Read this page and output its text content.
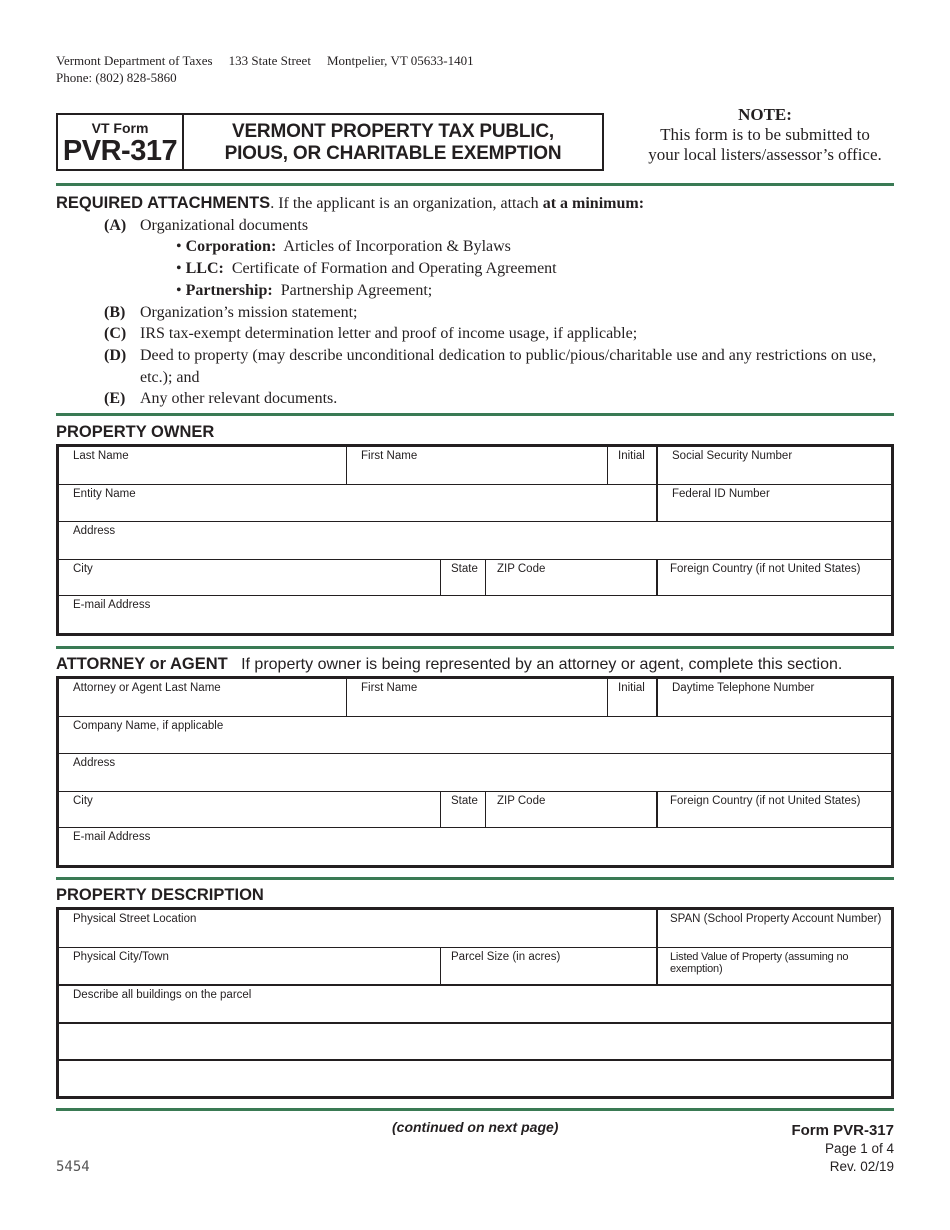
Vermont Department of Taxes 133 State Street Montpelier, VT 05633-1401
Phone: (802) 828-5860
VT Form
PVR-317
VERMONT PROPERTY TAX PUBLIC,
PIOUS, OR CHARITABLE EXEMPTION
NOTE:
This form is to be submitted to
your local listers/assessor’s office.
REQUIRED ATTACHMENTS. If the applicant is an organization, attach at a minimum:
(A) Organizational documents
• Corporation: Articles of Incorporation & Bylaws
• LLC: Certificate of Formation and Operating Agreement
• Partnership: Partnership Agreement;
(B) Organization’s mission statement;
(C) IRS tax-exempt determination letter and proof of income usage, if applicable;
(D) Deed to property (may describe unconditional dedication to public/pious/charitable use and any restrictions on use, etc.); and
(E) Any other relevant documents.
PROPERTY OWNER
Last Name	First Name	Initial	Social Security Number
Entity Name	Federal ID Number
Address
City	State	ZIP Code	Foreign Country (if not United States)
E-mail Address
ATTORNEY or AGENT If property owner is being represented by an attorney or agent, complete this section.
Attorney or Agent Last Name	First Name	Initial	Daytime Telephone Number
Company Name, if applicable
Address
City	State	ZIP Code	Foreign Country (if not United States)
E-mail Address
PROPERTY DESCRIPTION
Physical Street Location	SPAN (School Property Account Number)
Physical City/Town	Parcel Size (in acres)	Listed Value of Property (assuming no exemption)
Describe all buildings on the parcel
(continued on next page)	Form PVR-317
Page 1 of 4
Rev. 02/19
5454
